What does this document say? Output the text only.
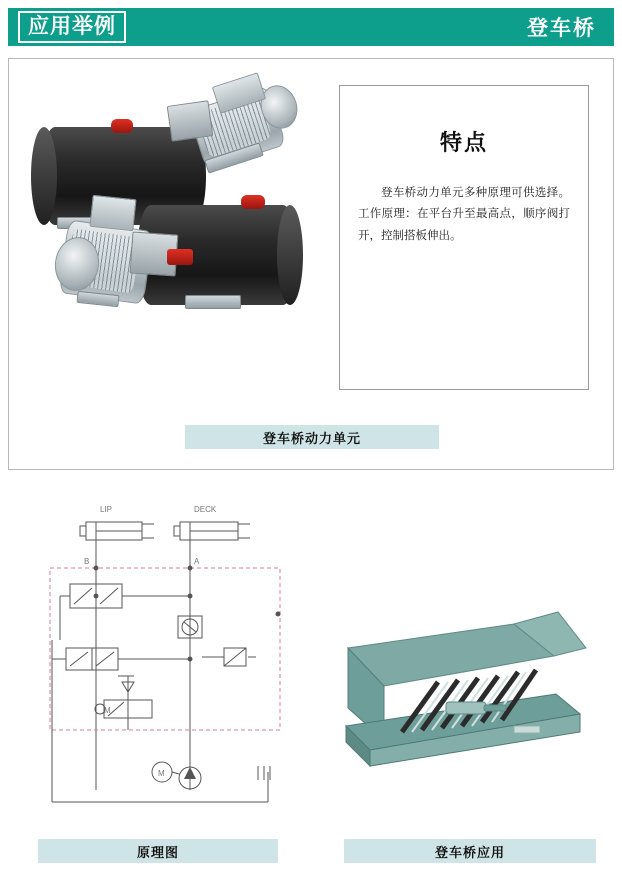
应用举例	登车桥
特点
登车桥动力单元多种原理可供选择。工作原理：在平台升至最高点，顺序阀打开，控制搭板伸出。
登车桥动力单元
LIP	DECK
A
B
M
M
原理图	登车桥应用
